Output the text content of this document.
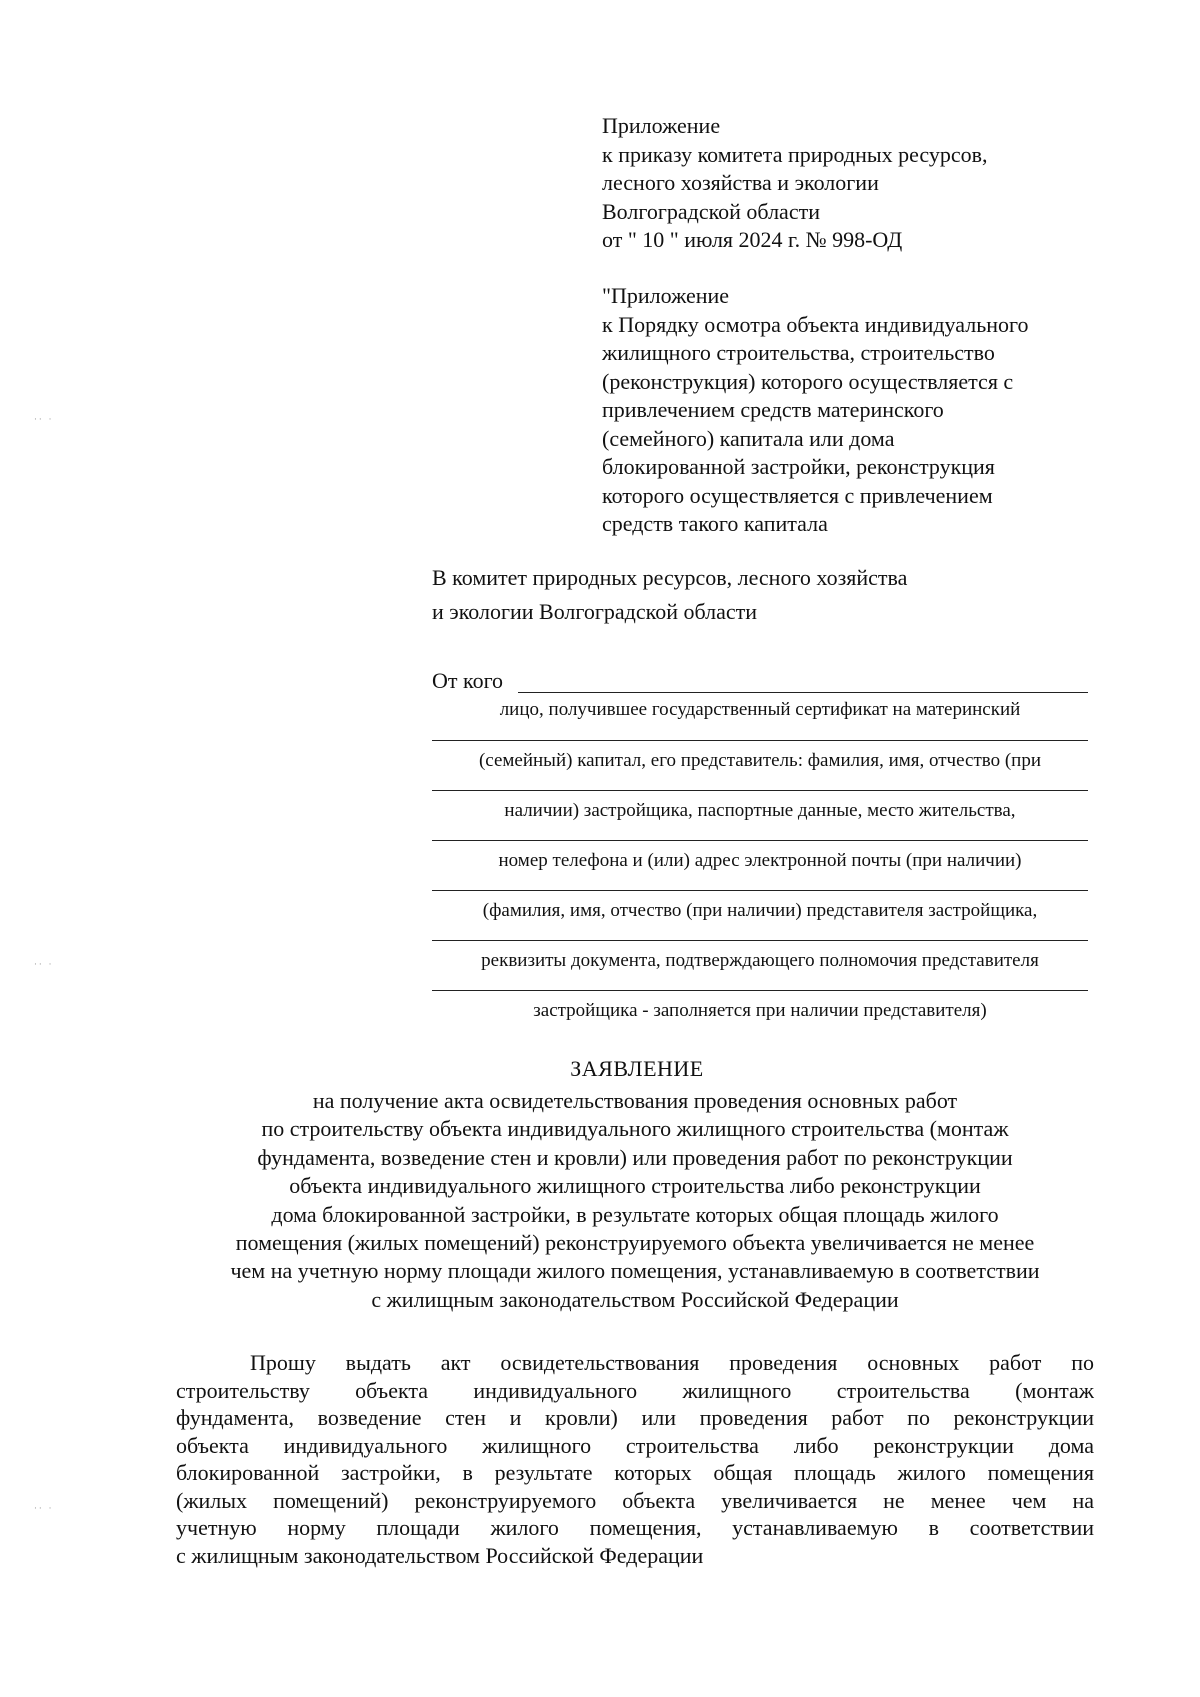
Приложение
к приказу комитета природных ресурсов,
лесного хозяйства и экологии
Волгоградской области
от " 10 " июля 2024 г. № 998-ОД
"Приложение
к Порядку осмотра объекта индивидуального
жилищного строительства, строительство
(реконструкция) которого осуществляется с
привлечением средств материнского
(семейного) капитала или дома
блокированной застройки, реконструкция
которого осуществляется с привлечением
средств такого капитала
В комитет природных ресурсов, лесного хозяйства
и экологии Волгоградской области
От кого
лицо, получившее государственный сертификат на материнский
(семейный) капитал, его представитель: фамилия, имя, отчество (при
наличии) застройщика, паспортные данные, место жительства,
номер телефона и (или) адрес электронной почты (при наличии)
(фамилия, имя, отчество (при наличии) представителя застройщика,
реквизиты документа, подтверждающего полномочия представителя
застройщика - заполняется при наличии представителя)
ЗАЯВЛЕНИЕ
на получение акта освидетельствования проведения основных работ
по строительству объекта индивидуального жилищного строительства (монтаж
фундамента, возведение стен и кровли) или проведения работ по реконструкции
объекта индивидуального жилищного строительства либо реконструкции
дома блокированной застройки, в результате которых общая площадь жилого
помещения (жилых помещений) реконструируемого объекта увеличивается не менее
чем на учетную норму площади жилого помещения, устанавливаемую в соответствии
с жилищным законодательством Российской Федерации
Прошу выдать акт освидетельствования проведения основных работ по
строительству объекта индивидуального жилищного строительства (монтаж
фундамента, возведение стен и кровли) или проведения работ по реконструкции
объекта индивидуального жилищного строительства либо реконструкции дома
блокированной застройки, в результате которых общая площадь жилого помещения
(жилых помещений) реконструируемого объекта увеличивается не менее чем на
учетную норму площади жилого помещения, устанавливаемую в соответствии
с жилищным законодательством Российской Федерации
·· ·
·· ·
·· ·
